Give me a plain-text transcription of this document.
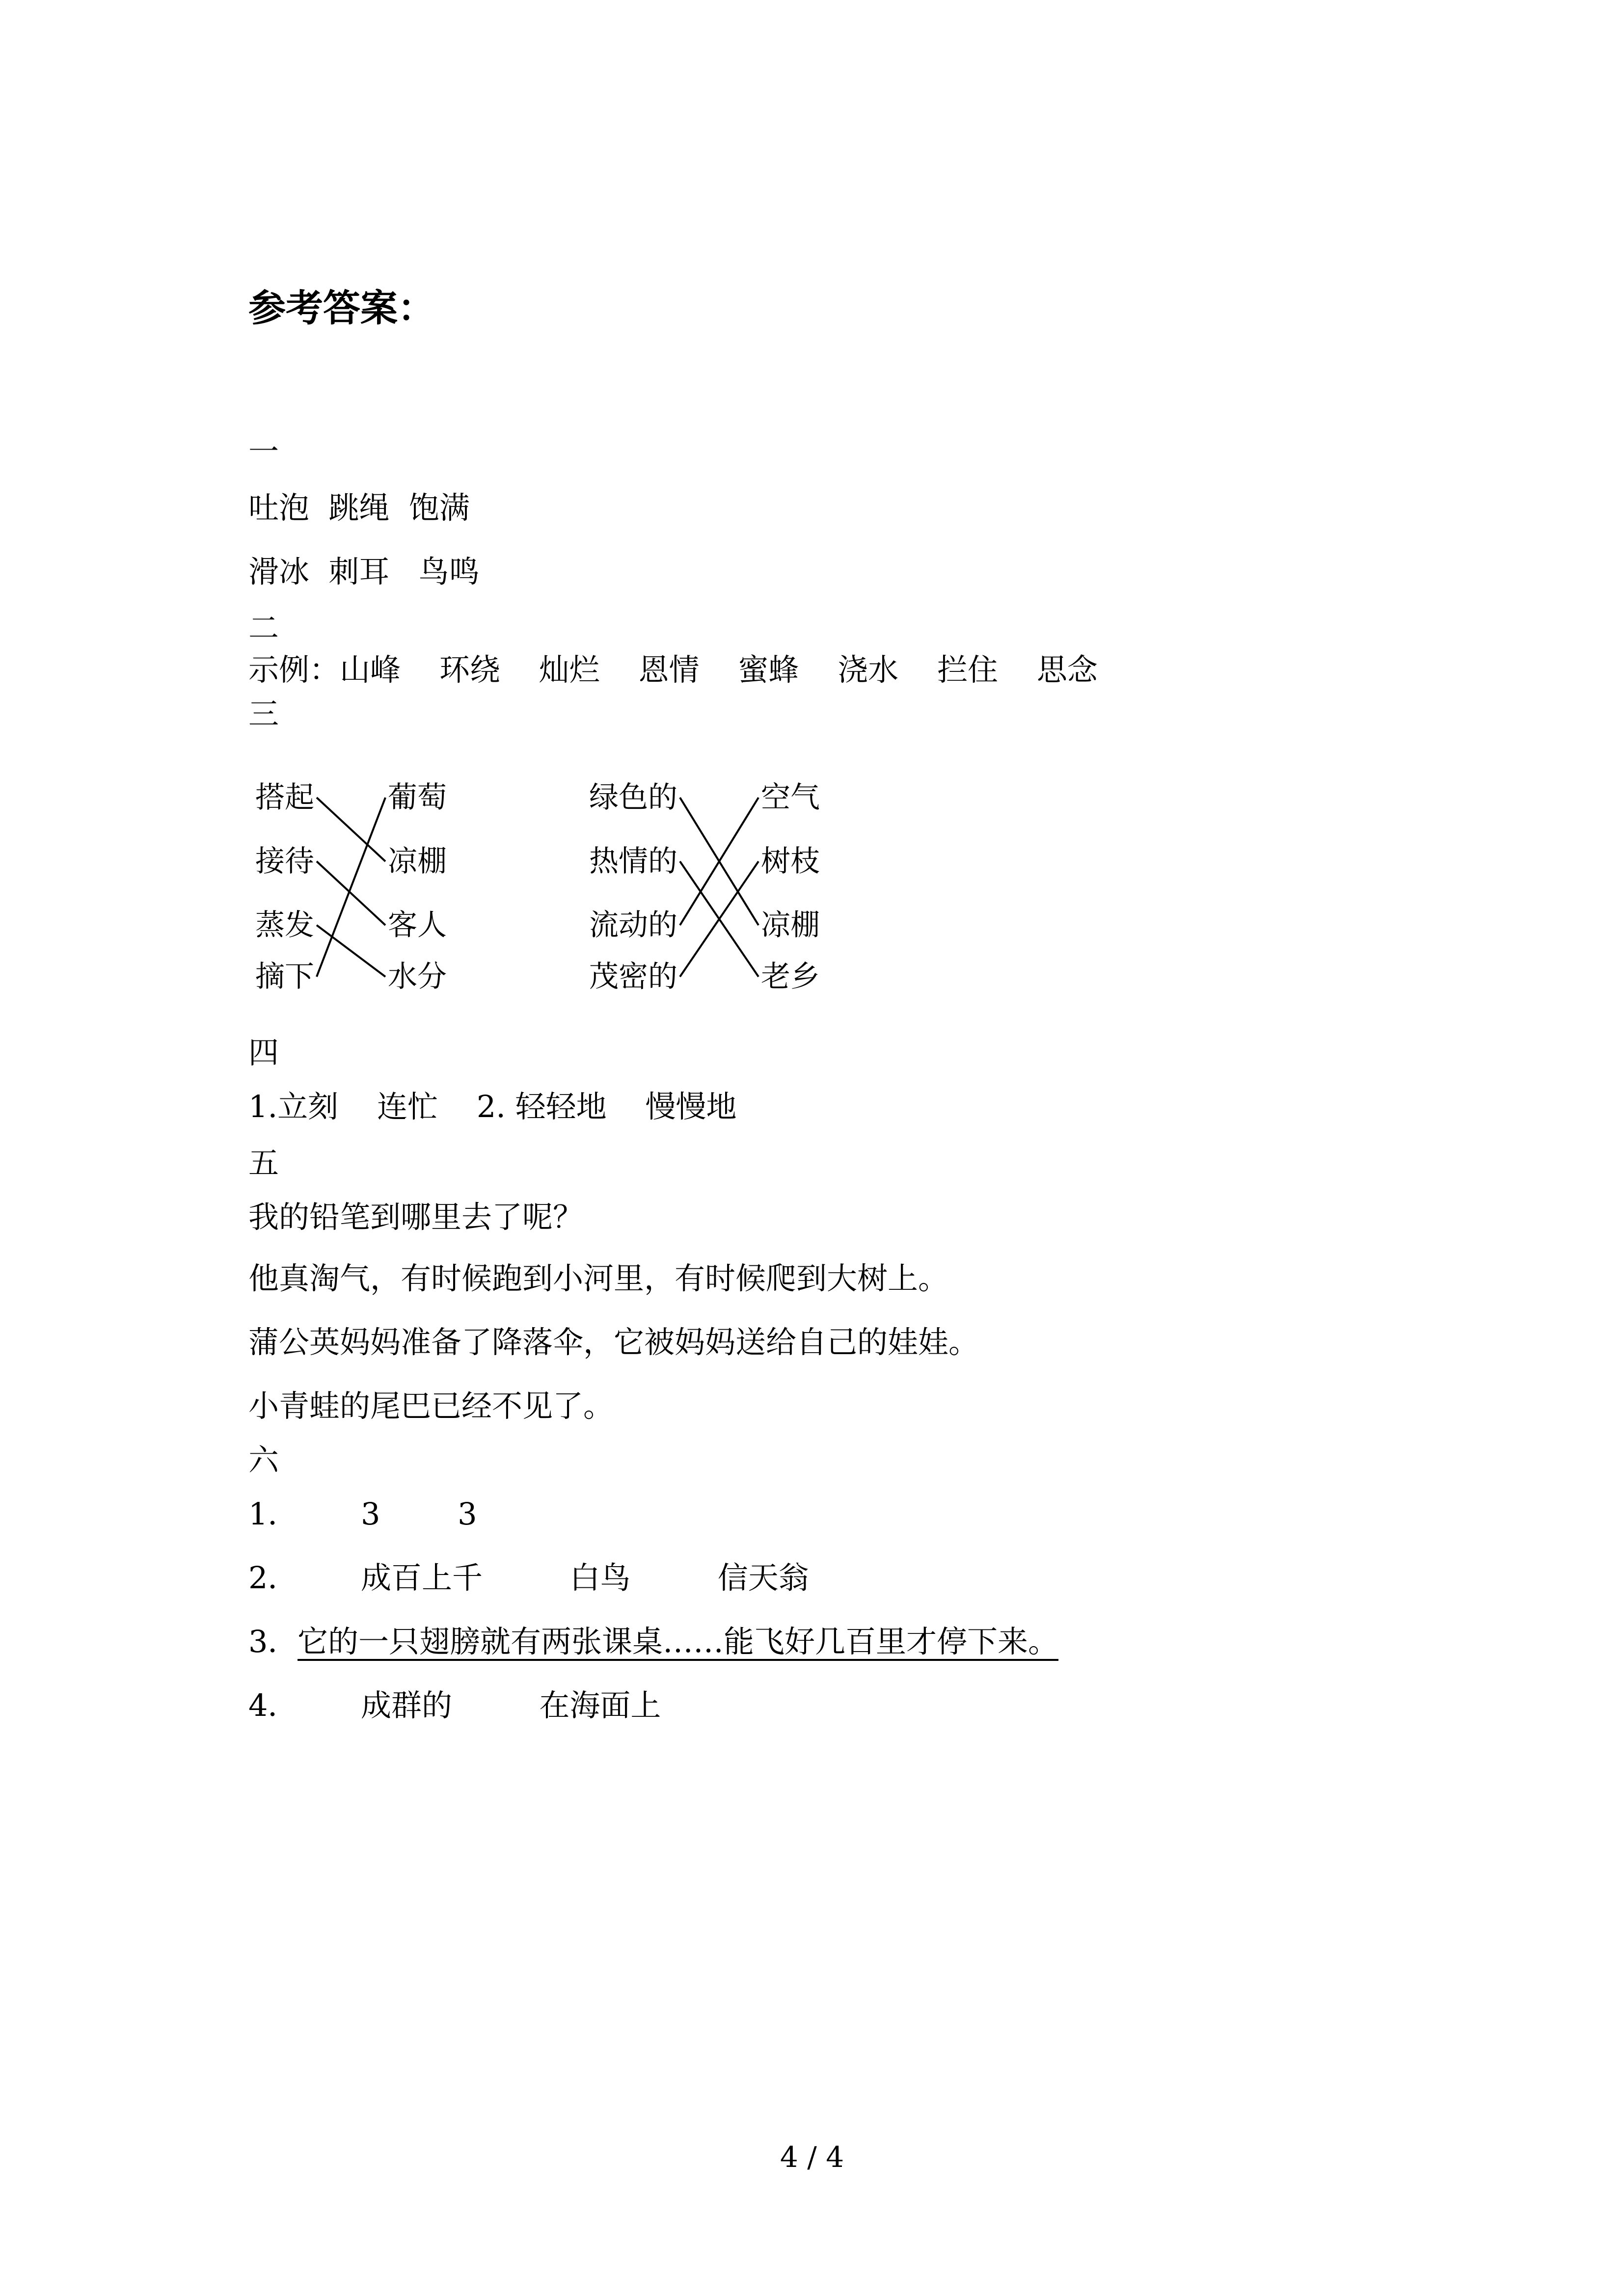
参考答案：
一
吐泡  跳绳  饱满
滑冰  刺耳   鸟鸣
二
示例：山峰    环绕    灿烂    恩情    蜜蜂    浇水    拦住    思念
三
搭起
接待
蒸发
摘下
葡萄
凉棚
客人
水分
绿色的
热情的
流动的
茂密的
空气
树枝
凉棚
老乡
四
1.立刻    连忙    2. 轻轻地    慢慢地
五
我的铅笔到哪里去了呢？
他真淘气，有时候跑到小河里，有时候爬到大树上。
蒲公英妈妈准备了降落伞，它被妈妈送给自己的娃娃。
小青蛙的尾巴已经不见了。
六
1． 3        3
2． 成百上千         白鸟         信天翁
3．
它的一只翅膀就有两张课桌……能飞好几百里才停下来。
4． 成群的         在海面上
4 / 4
